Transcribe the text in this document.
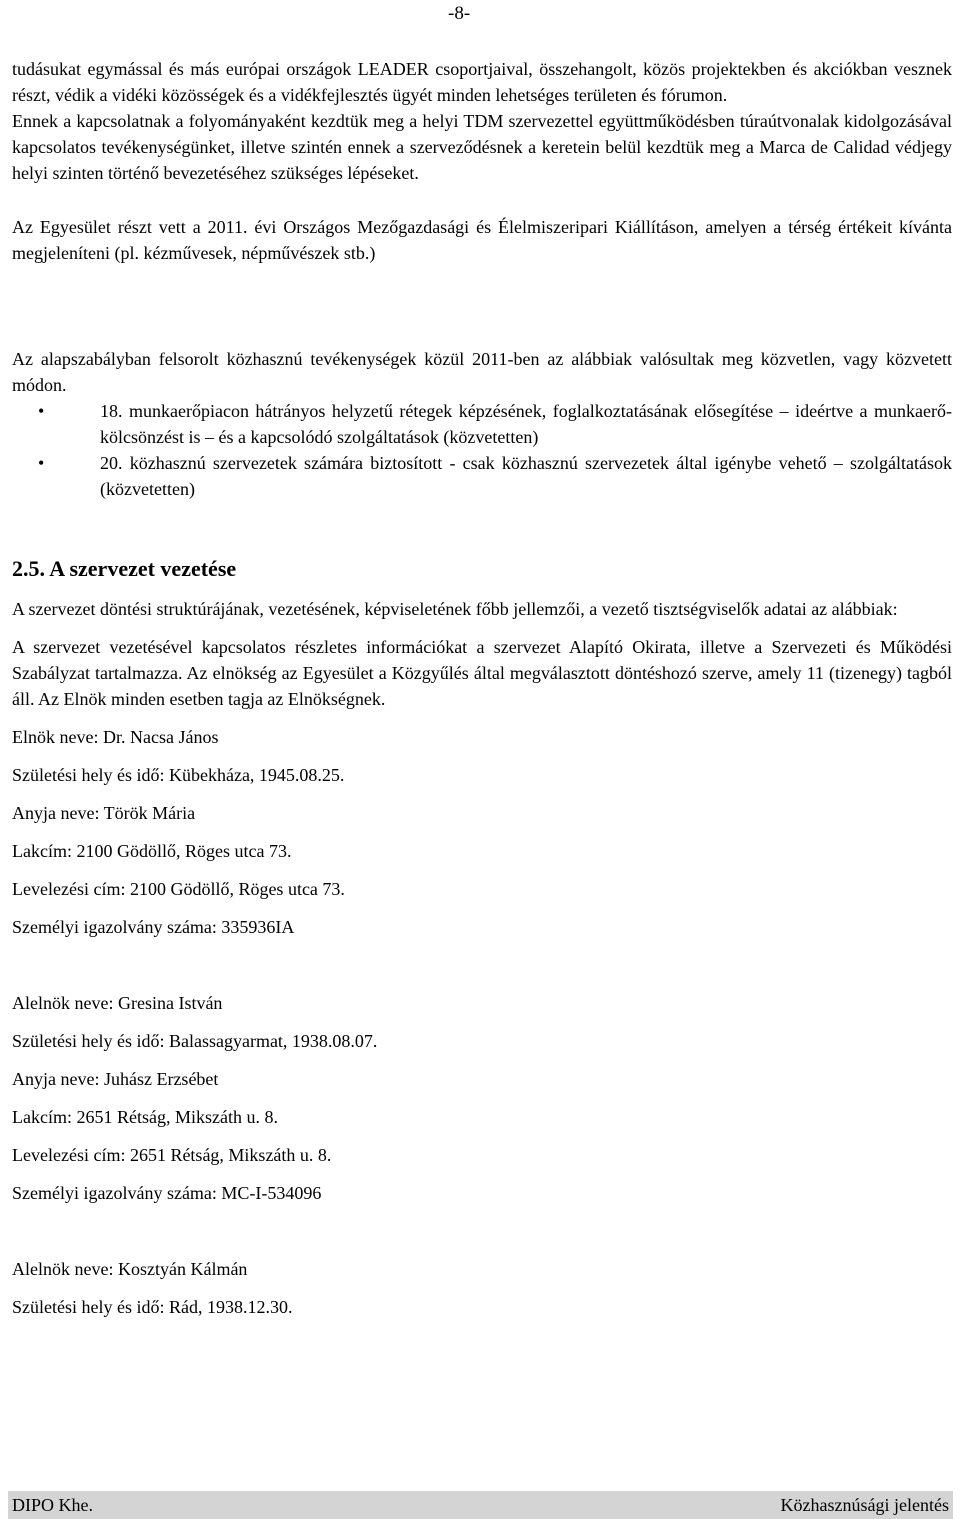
-8-

tudásukat egymással és más európai országok LEADER csoportjaival, összehangolt, közös projektekben és akciókban vesznek részt, védik a vidéki közösségek és a vidékfejlesztés ügyét minden lehetséges területen és fórumon.

Ennek a kapcsolatnak a folyományaként kezdtük meg a helyi TDM szervezettel együttműködésben túraútvonalak kidolgozásával kapcsolatos tevékenységünket, illetve szintén ennek a szerveződésnek a keretein belül kezdtük meg a Marca de Calidad védjegy helyi szinten történő bevezetéséhez szükséges lépéseket.

Az Egyesület részt vett a 2011. évi Országos Mezőgazdasági és Élelmiszeripari Kiállításon, amelyen a térség értékeit kívánta megjeleníteni (pl. kézművesek, népművészek stb.)

Az alapszabályban felsorolt közhasznú tevékenységek közül 2011-ben az alábbiak valósultak meg közvetlen, vagy közvetett módon.

•	18. munkaerőpiacon hátrányos helyzetű rétegek képzésének, foglalkoztatásának elősegítése – ideértve a munkaerő-kölcsönzést is – és a kapcsolódó szolgáltatások (közvetetten)
•	20. közhasznú szervezetek számára biztosított - csak közhasznú szervezetek által igénybe vehető – szolgáltatások (közvetetten)

2.5. A szervezet vezetése

A szervezet döntési struktúrájának, vezetésének, képviseletének főbb jellemzői, a vezető tisztségviselők adatai az alábbiak:

A szervezet vezetésével kapcsolatos részletes információkat a szervezet Alapító Okirata, illetve a Szervezeti és Működési Szabályzat tartalmazza. Az elnökség az Egyesület a Közgyűlés által megválasztott döntéshozó szerve, amely 11 (tizenegy) tagból áll. Az Elnök minden esetben tagja az Elnökségnek.

Elnök neve: Dr. Nacsa János

Születési hely és idő: Kübekháza, 1945.08.25.

Anyja neve: Török Mária

Lakcím: 2100 Gödöllő, Röges utca 73.

Levelezési cím: 2100 Gödöllő, Röges utca 73.

Személyi igazolvány száma: 335936IA

Alelnök neve: Gresina István

Születési hely és idő: Balassagyarmat, 1938.08.07.

Anyja neve: Juhász Erzsébet

Lakcím: 2651 Rétság, Mikszáth u. 8.

Levelezési cím: 2651 Rétság, Mikszáth u. 8.

Személyi igazolvány száma: MC-I-534096

Alelnök neve: Kosztyán Kálmán

Születési hely és idő: Rád, 1938.12.30.

DIPO Khe.	Közhasznúsági jelentés
